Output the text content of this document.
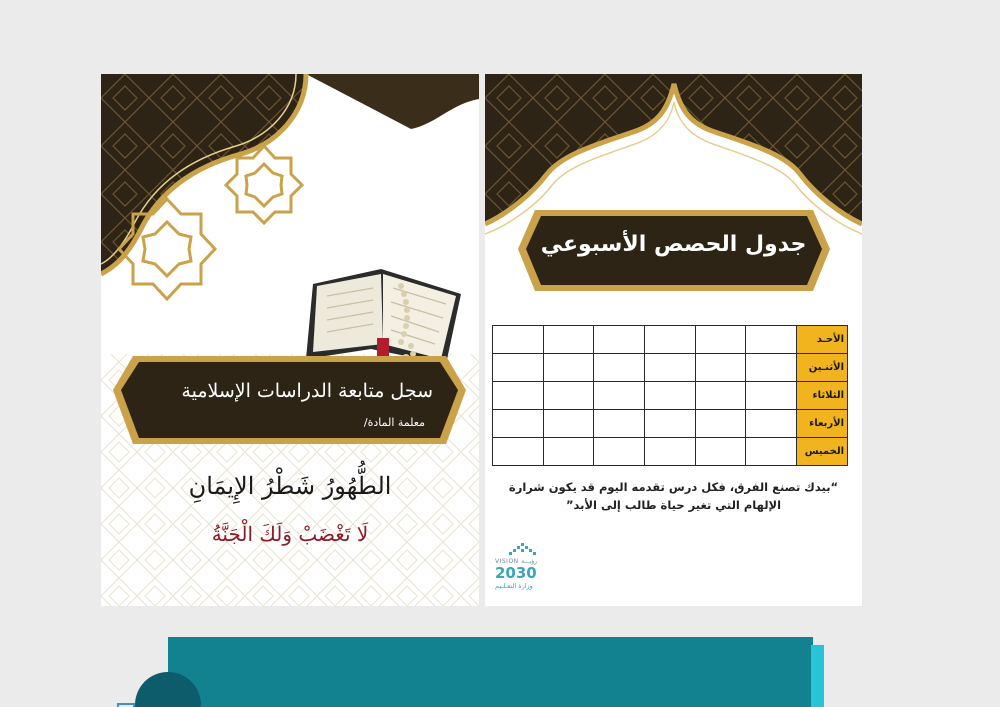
سجل متابعة الدراسات الإسلامية
معلمة المادة/
الطُّهُورُ شَطْرُ الإِيمَانِ
لَا تَغْضَبْ وَلَكَ الْجَنَّةُ
جدول الحصص الأسبوعي
						الأحـد
						الأثنـين
						الثلاثاء
						الأربعاء
						الخميس
“بيدك تصنع الفرق، فكل درس تقدمه اليوم قد يكون شرارة
الإلهام التي تغير حياة طالب إلى الأبد”
VISION رؤيـــة
2030
وزارة التعـلـيم
